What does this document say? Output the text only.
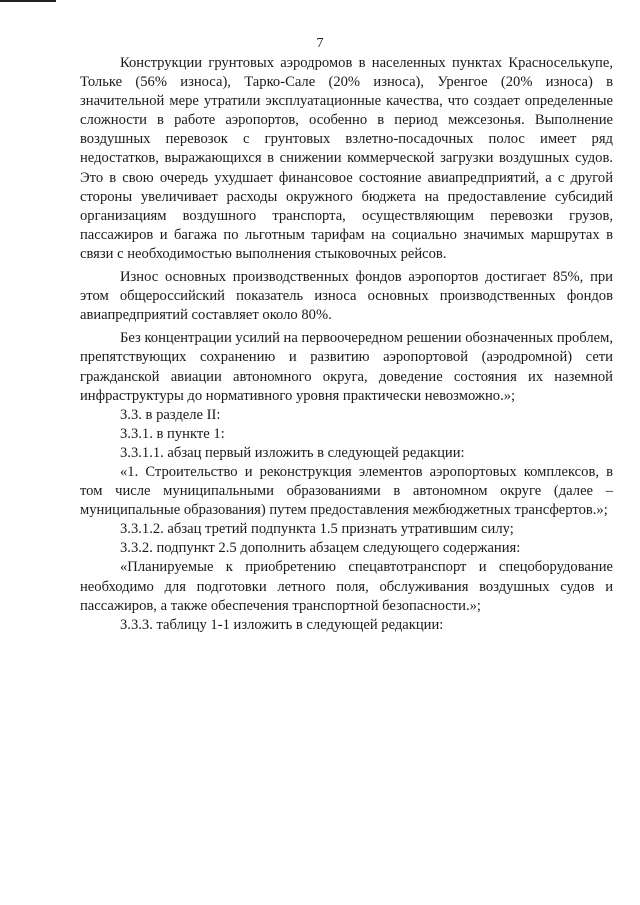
7

Конструкции грунтовых аэродромов в населенных пунктах Красноселькупе, Тольке (56% износа), Тарко-Сале (20% износа), Уренгое (20% износа) в значительной мере утратили эксплуатационные качества, что создает определенные сложности в работе аэропортов, особенно в период межсезонья. Выполнение воздушных перевозок с грунтовых взлетно-посадочных полос имеет ряд недостатков, выражающихся в снижении коммерческой загрузки воздушных судов. Это в свою очередь ухудшает финансовое состояние авиапредприятий, а с другой стороны увеличивает расходы окружного бюджета на предоставление субсидий организациям воздушного транспорта, осуществляющим перевозки грузов, пассажиров и багажа по льготным тарифам на социально значимых маршрутах в связи с необходимостью выполнения стыковочных рейсов.

Износ основных производственных фондов аэропортов достигает 85%, при этом общероссийский показатель износа основных производственных фондов авиапредприятий составляет около 80%.

Без концентрации усилий на первоочередном решении обозначенных проблем, препятствующих сохранению и развитию аэропортовой (аэродромной) сети гражданской авиации автономного округа, доведение состояния их наземной инфраструктуры до нормативного уровня практически невозможно.»;

3.3. в разделе II:

3.3.1. в пункте 1:

3.3.1.1. абзац первый изложить в следующей редакции:

«1. Строительство и реконструкция элементов аэропортовых комплексов, в том числе муниципальными образованиями в автономном округе (далее – муниципальные образования) путем предоставления межбюджетных трансфертов.»;

3.3.1.2. абзац третий подпункта 1.5 признать утратившим силу;

3.3.2. подпункт 2.5 дополнить абзацем следующего содержания:

«Планируемые к приобретению спецавтотранспорт и спецоборудование необходимо для подготовки летного поля, обслуживания воздушных судов и пассажиров, а также обеспечения транспортной безопасности.»;

3.3.3. таблицу 1-1 изложить в следующей редакции:
